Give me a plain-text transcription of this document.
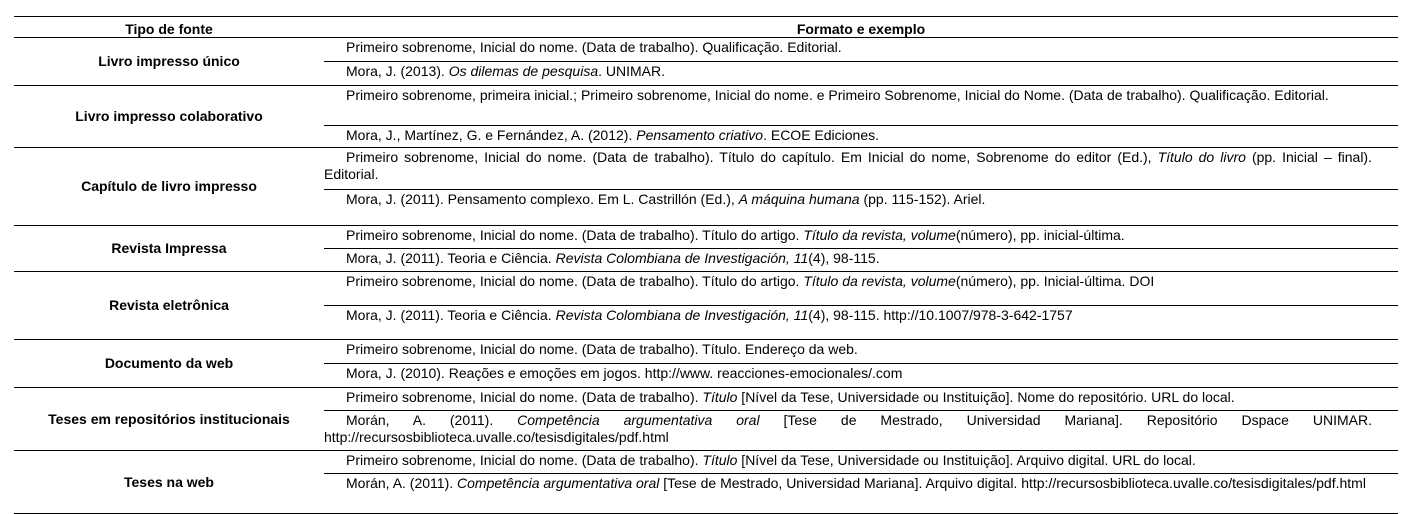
Tipo de fonte	Formato e exemplo
Livro impresso único	Primeiro sobrenome, Inicial do nome. (Data de trabalho). Qualificação. Editorial.
	Mora, J. (2013). Os dilemas de pesquisa. UNIMAR.
Livro impresso colaborativo	Primeiro sobrenome, primeira inicial.; Primeiro sobrenome, Inicial do nome. e Primeiro Sobrenome, Inicial do Nome. (Data de trabalho). Qualificação. Editorial.
	Mora, J., Martínez, G. e Fernández, A. (2012). Pensamento criativo. ECOE Ediciones.
Capítulo de livro impresso	Primeiro sobrenome, Inicial do nome. (Data de trabalho). Título do capítulo. Em Inicial do nome, Sobrenome do editor (Ed.), Título do livro (pp. Inicial – final). Editorial.
	Mora, J. (2011). Pensamento complexo. Em L. Castrillón (Ed.), A máquina humana (pp. 115-152). Ariel.
Revista Impressa	Primeiro sobrenome, Inicial do nome. (Data de trabalho). Título do artigo. Título da revista, volume(número), pp. inicial-última.
	Mora, J. (2011). Teoria e Ciência. Revista Colombiana de Investigación, 11(4), 98-115.
Revista eletrônica	Primeiro sobrenome, Inicial do nome. (Data de trabalho). Título do artigo. Título da revista, volume(número), pp. Inicial-última. DOI
	Mora, J. (2011). Teoria e Ciência. Revista Colombiana de Investigación, 11(4), 98-115. http://10.1007/978-3-642-1757
Documento da web	Primeiro sobrenome, Inicial do nome. (Data de trabalho). Título. Endereço da web.
	Mora, J. (2010). Reações e emoções em jogos. http://www. reacciones-emocionales/.com
Teses em repositórios institucionais	Primeiro sobrenome, Inicial do nome. (Data de trabalho). Título [Nível da Tese, Universidade ou Instituição]. Nome do repositório. URL do local.
	Morán, A. (2011). Competência argumentativa oral [Tese de Mestrado, Universidad Mariana]. Repositório Dspace UNIMAR. http://recursosbiblioteca.uvalle.co/tesisdigitales/pdf.html
Teses na web	Primeiro sobrenome, Inicial do nome. (Data de trabalho). Título [Nível da Tese, Universidade ou Instituição]. Arquivo digital. URL do local.
	Morán, A. (2011). Competência argumentativa oral [Tese de Mestrado, Universidad Mariana]. Arquivo digital. http://recursosbiblioteca.uvalle.co/tesisdigitales/pdf.html
